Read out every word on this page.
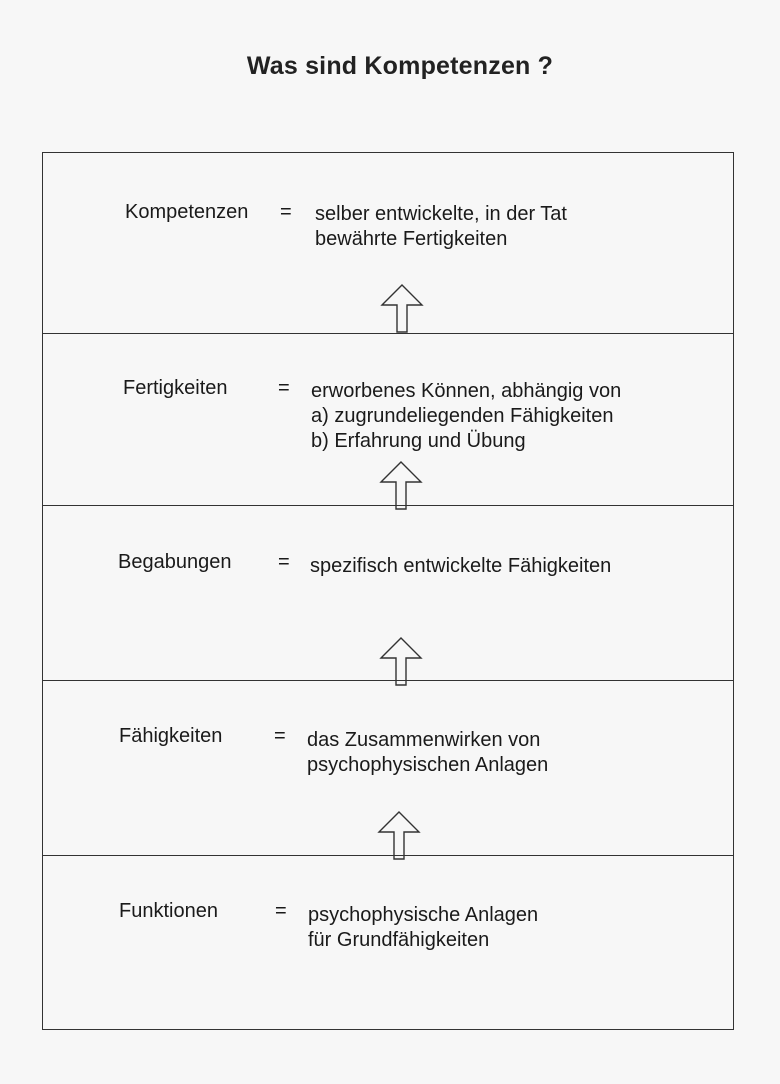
Was sind Kompetenzen ?
Kompetenzen = selber entwickelte, in der Tat
bewährte Fertigkeiten
Fertigkeiten	= erworbenes Können, abhängig von
a) zugrundeliegenden Fähigkeiten
b) Erfahrung und Übung
Begabungen = spezifisch entwickelte Fähigkeiten
Fähigkeiten	= das Zusammenwirken von
psychophysischen Anlagen
Funktionen	= psychophysische Anlagen
für Grundfähigkeiten
